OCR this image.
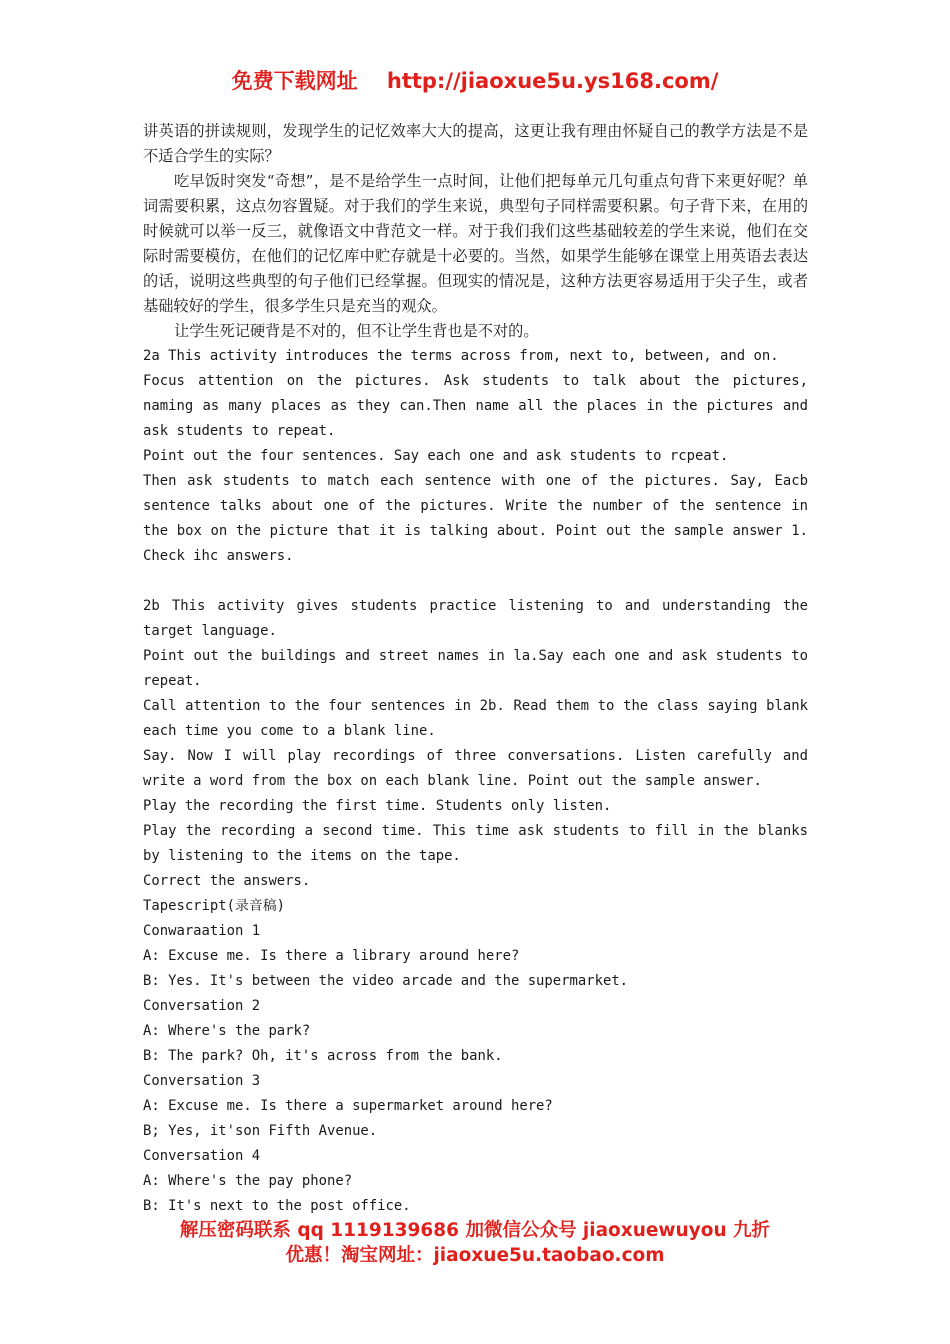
免费下载网址    http://jiaoxue5u.ys168.com/

讲英语的拼读规则，发现学生的记忆效率大大的提高，这更让我有理由怀疑自己的教学方法是不是不适合学生的实际？

吃早饭时突发“奇想”，是不是给学生一点时间，让他们把每单元几句重点句背下来更好呢？单词需要积累，这点勿容置疑。对于我们的学生来说，典型句子同样需要积累。句子背下来，在用的时候就可以举一反三，就像语文中背范文一样。对于我们我们这些基础较差的学生来说，他们在交际时需要模仿，在他们的记忆库中贮存就是十必要的。当然，如果学生能够在课堂上用英语去表达的话，说明这些典型的句子他们已经掌握。但现实的情况是，这种方法更容易适用于尖子生，或者基础较好的学生，很多学生只是充当的观众。

让学生死记硬背是不对的，但不让学生背也是不对的。

2a This activity introduces the terms across from, next to, between, and on.

Focus attention on the pictures. Ask students to talk about the pictures, naming as many places as they can.Then name all the places in the pictures and ask students to repeat.

Point out the four sentences. Say each one and ask students to rcpeat.

Then ask students to match each sentence with one of the pictures. Say, Eacb sentence talks about one of the pictures. Write the number of the sentence in the box on the picture that it is talking about. Point out the sample answer 1. Check ihc answers.

2b This activity gives students practice listening to and understanding the target language.

Point out the buildings and street names in la.Say each one and ask students to repeat.

Call attention to the four sentences in 2b. Read them to the class saying blank each time you come to a blank line.

Say. Now I will play recordings of three conversations. Listen carefully and write a word from the box on each blank line. Point out the sample answer.

Play the recording the first time. Students only listen.

Play the recording a second time. This time ask students to fill in the blanks by listening to the items on the tape.

Correct the answers.

Tapescript(录音稿)

Conwaraation 1

A: Excuse me. Is there a library around here?

B: Yes. It's between the video arcade and the supermarket.

Conversation 2

A: Where's the park?

B: The park? Oh, it's across from the bank.

Conversation 3

A: Excuse me. Is there a supermarket around here?

B; Yes, it'son Fifth Avenue.

Conversation 4

A: Where's the pay phone?

B: It's next to the post office.

解压密码联系 qq 1119139686 加微信公众号 jiaoxuewuyou 九折
优惠！淘宝网址：jiaoxue5u.taobao.com
